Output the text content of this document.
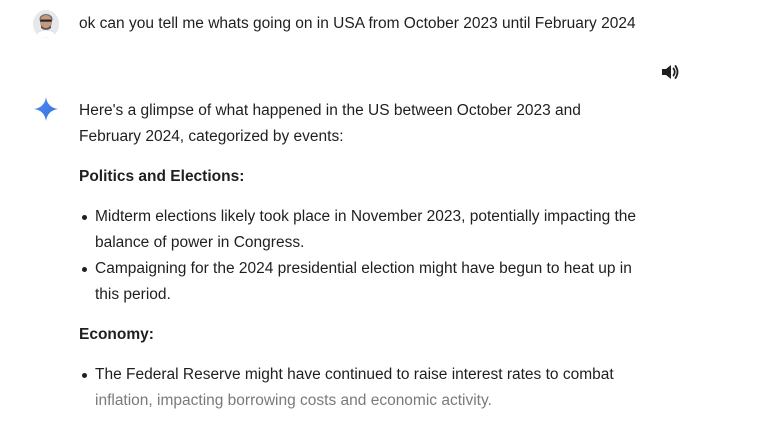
ok can you tell me whats going on in USA from October 2023 until February 2024

Here's a glimpse of what happened in the US between October 2023 and February 2024, categorized by events:

Politics and Elections:

Midterm elections likely took place in November 2023, potentially impacting the balance of power in Congress.
Campaigning for the 2024 presidential election might have begun to heat up in this period.

Economy:

The Federal Reserve might have continued to raise interest rates to combat
inflation, impacting borrowing costs and economic activity.
